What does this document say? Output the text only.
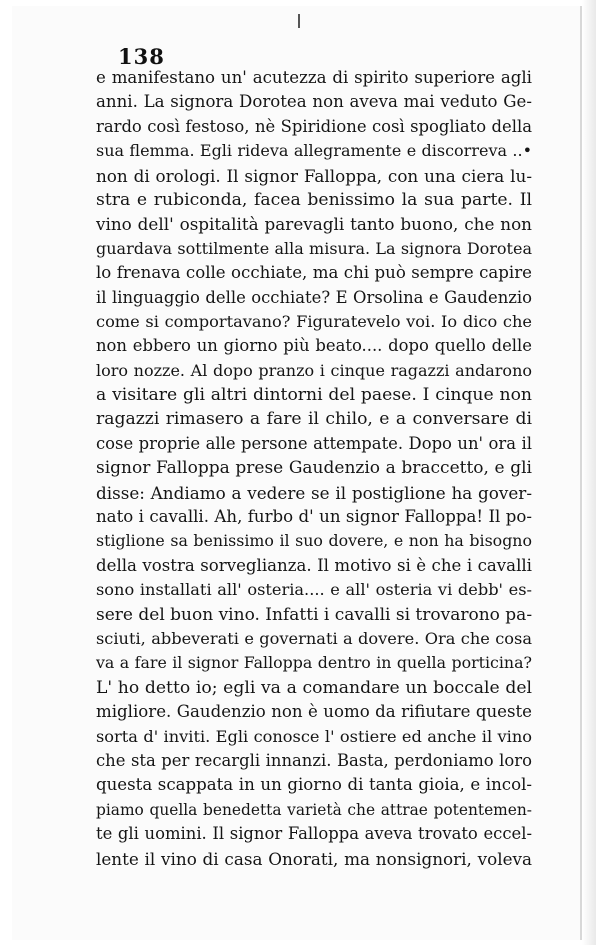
138
e manifestano un' acutezza di spirito superiore agli
anni. La signora Dorotea non aveva mai veduto Ge-
rardo così festoso, nè Spiridione così spogliato della
sua flemma. Egli rideva allegramente e discorreva ..•
non di orologi. Il signor Falloppa, con una ciera lu-
stra e rubiconda, facea benissimo la sua parte. Il
vino dell' ospitalità parevagli tanto buono, che non
guardava sottilmente alla misura. La signora Dorotea
lo frenava colle occhiate, ma chi può sempre capire
il linguaggio delle occhiate? E Orsolina e Gaudenzio
come si comportavano? Figuratevelo voi. Io dico che
non ebbero un giorno più beato.... dopo quello delle
loro nozze. Al dopo pranzo i cinque ragazzi andarono
a visitare gli altri dintorni del paese. I cinque non
ragazzi rimasero a fare il chilo, e a conversare di
cose proprie alle persone attempate. Dopo un' ora il
signor Falloppa prese Gaudenzio a braccetto, e gli
disse: Andiamo a vedere se il postiglione ha gover-
nato i cavalli. Ah, furbo d' un signor Falloppa! Il po-
stiglione sa benissimo il suo dovere, e non ha bisogno
della vostra sorveglianza. Il motivo si è che i cavalli
sono installati all' osteria.... e all' osteria vi debb' es-
sere del buon vino. Infatti i cavalli si trovarono pa-
sciuti, abbeverati e governati a dovere. Ora che cosa
va a fare il signor Falloppa dentro in quella porticina?
L' ho detto io; egli va a comandare un boccale del
migliore. Gaudenzio non è uomo da rifiutare queste
sorta d' inviti. Egli conosce l' ostiere ed anche il vino
che sta per recargli innanzi. Basta, perdoniamo loro
questa scappata in un giorno di tanta gioia, e incol-
piamo quella benedetta varietà che attrae potentemen-
te gli uomini. Il signor Falloppa aveva trovato eccel-
lente il vino di casa Onorati, ma nonsignori, voleva
